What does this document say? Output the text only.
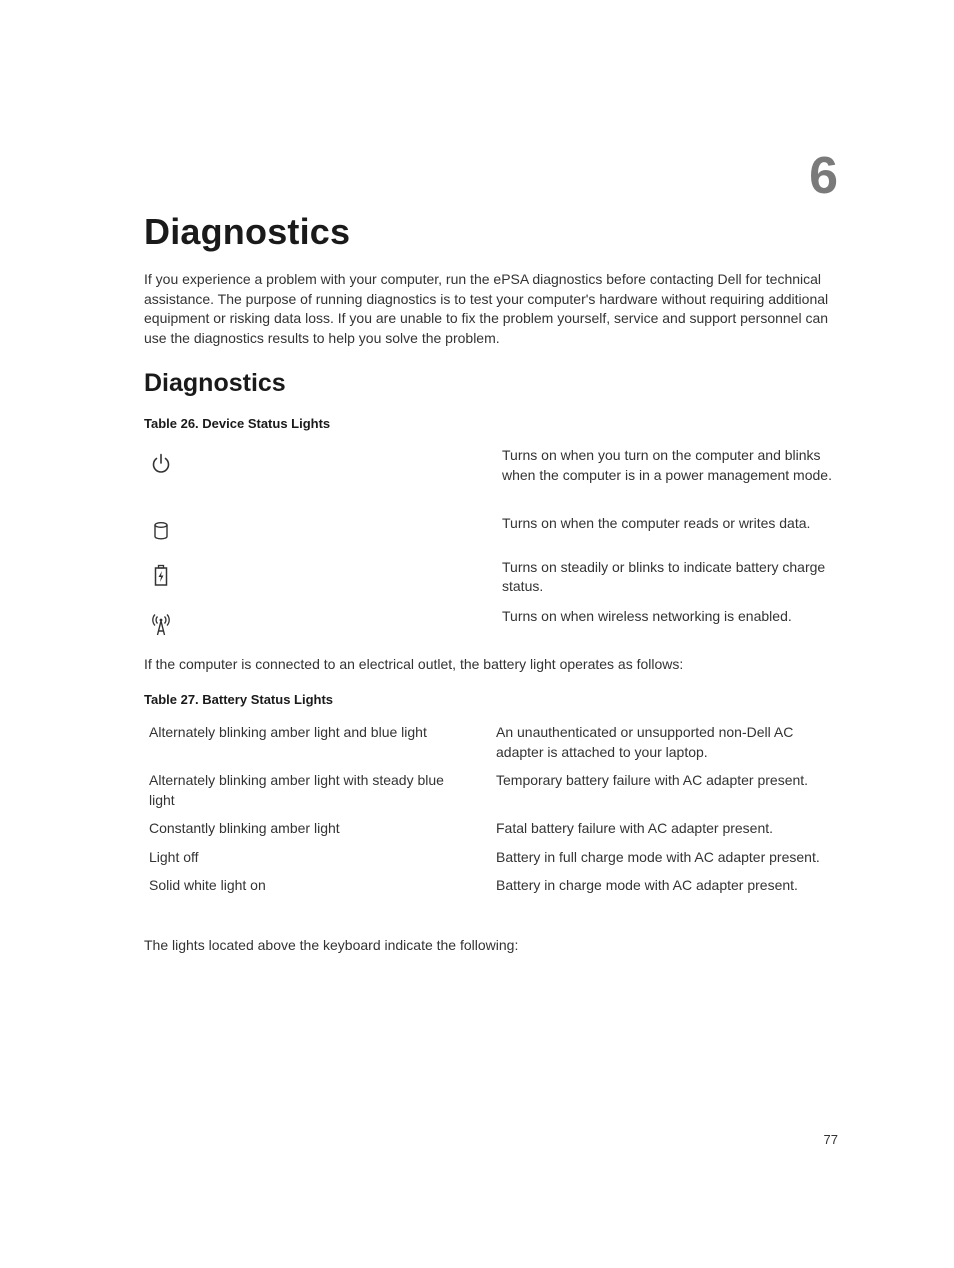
6
Diagnostics

If you experience a problem with your computer, run the ePSA diagnostics before contacting Dell for technical assistance. The purpose of running diagnostics is to test your computer's hardware without requiring additional equipment or risking data loss. If you are unable to fix the problem yourself, service and support personnel can use the diagnostics results to help you solve the problem.

Diagnostics

Table 26. Device Status Lights

	Turns on when you turn on the computer and blinks when the computer is in a power management mode.

	Turns on when the computer reads or writes data.

	Turns on steadily or blinks to indicate battery charge status.

	Turns on when wireless networking is enabled.

If the computer is connected to an electrical outlet, the battery light operates as follows:

Table 27. Battery Status Lights

Alternately blinking amber light and blue light	An unauthenticated or unsupported non-Dell AC adapter is attached to your laptop.
Alternately blinking amber light with steady blue light	Temporary battery failure with AC adapter present.
Constantly blinking amber light	Fatal battery failure with AC adapter present.
Light off	Battery in full charge mode with AC adapter present.
Solid white light on	Battery in charge mode with AC adapter present.

The lights located above the keyboard indicate the following:

77
